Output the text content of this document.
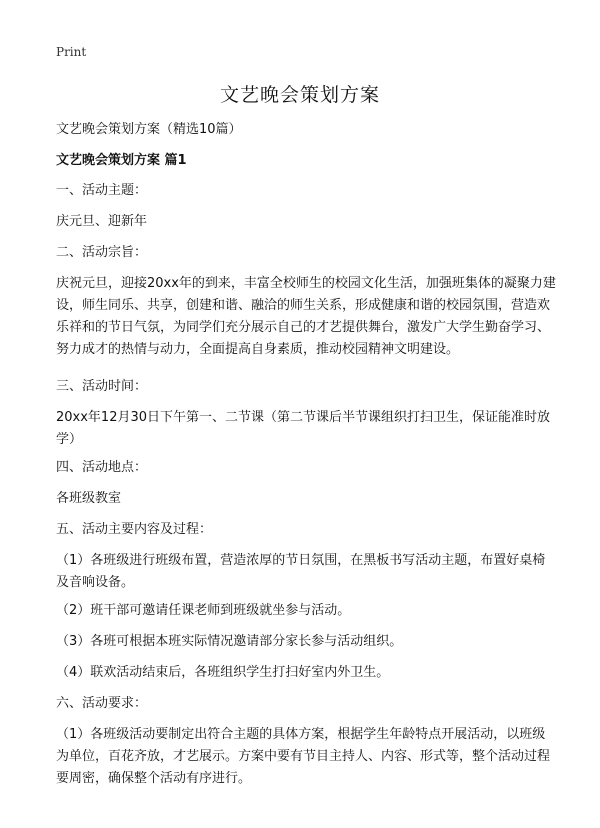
Print
文艺晚会策划方案

文艺晚会策划方案（精选10篇）

文艺晚会策划方案 篇1

一、活动主题：

庆元旦、迎新年

二、活动宗旨：

庆祝元旦，迎接20xx年的到来，丰富全校师生的校园文化生活，加强班集体的凝聚力建设，师生同乐、共享，创建和谐、融洽的师生关系，形成健康和谐的校园氛围，营造欢乐祥和的节日气氛，为同学们充分展示自己的才艺提供舞台，激发广大学生勤奋学习、努力成才的热情与动力，全面提高自身素质，推动校园精神文明建设。

三、活动时间：

20xx年12月30日下午第一、二节课（第二节课后半节课组织打扫卫生，保证能准时放学）

四、活动地点：

各班级教室

五、活动主要内容及过程：

（1）各班级进行班级布置，营造浓厚的节日氛围，在黑板书写活动主题，布置好桌椅及音响设备。

（2）班干部可邀请任课老师到班级就坐参与活动。

（3）各班可根据本班实际情况邀请部分家长参与活动组织。

（4）联欢活动结束后，各班组织学生打扫好室内外卫生。

六、活动要求：

（1）各班级活动要制定出符合主题的具体方案，根据学生年龄特点开展活动，以班级为单位，百花齐放，才艺展示。方案中要有节目主持人、内容、形式等，整个活动过程要周密，确保整个活动有序进行。
